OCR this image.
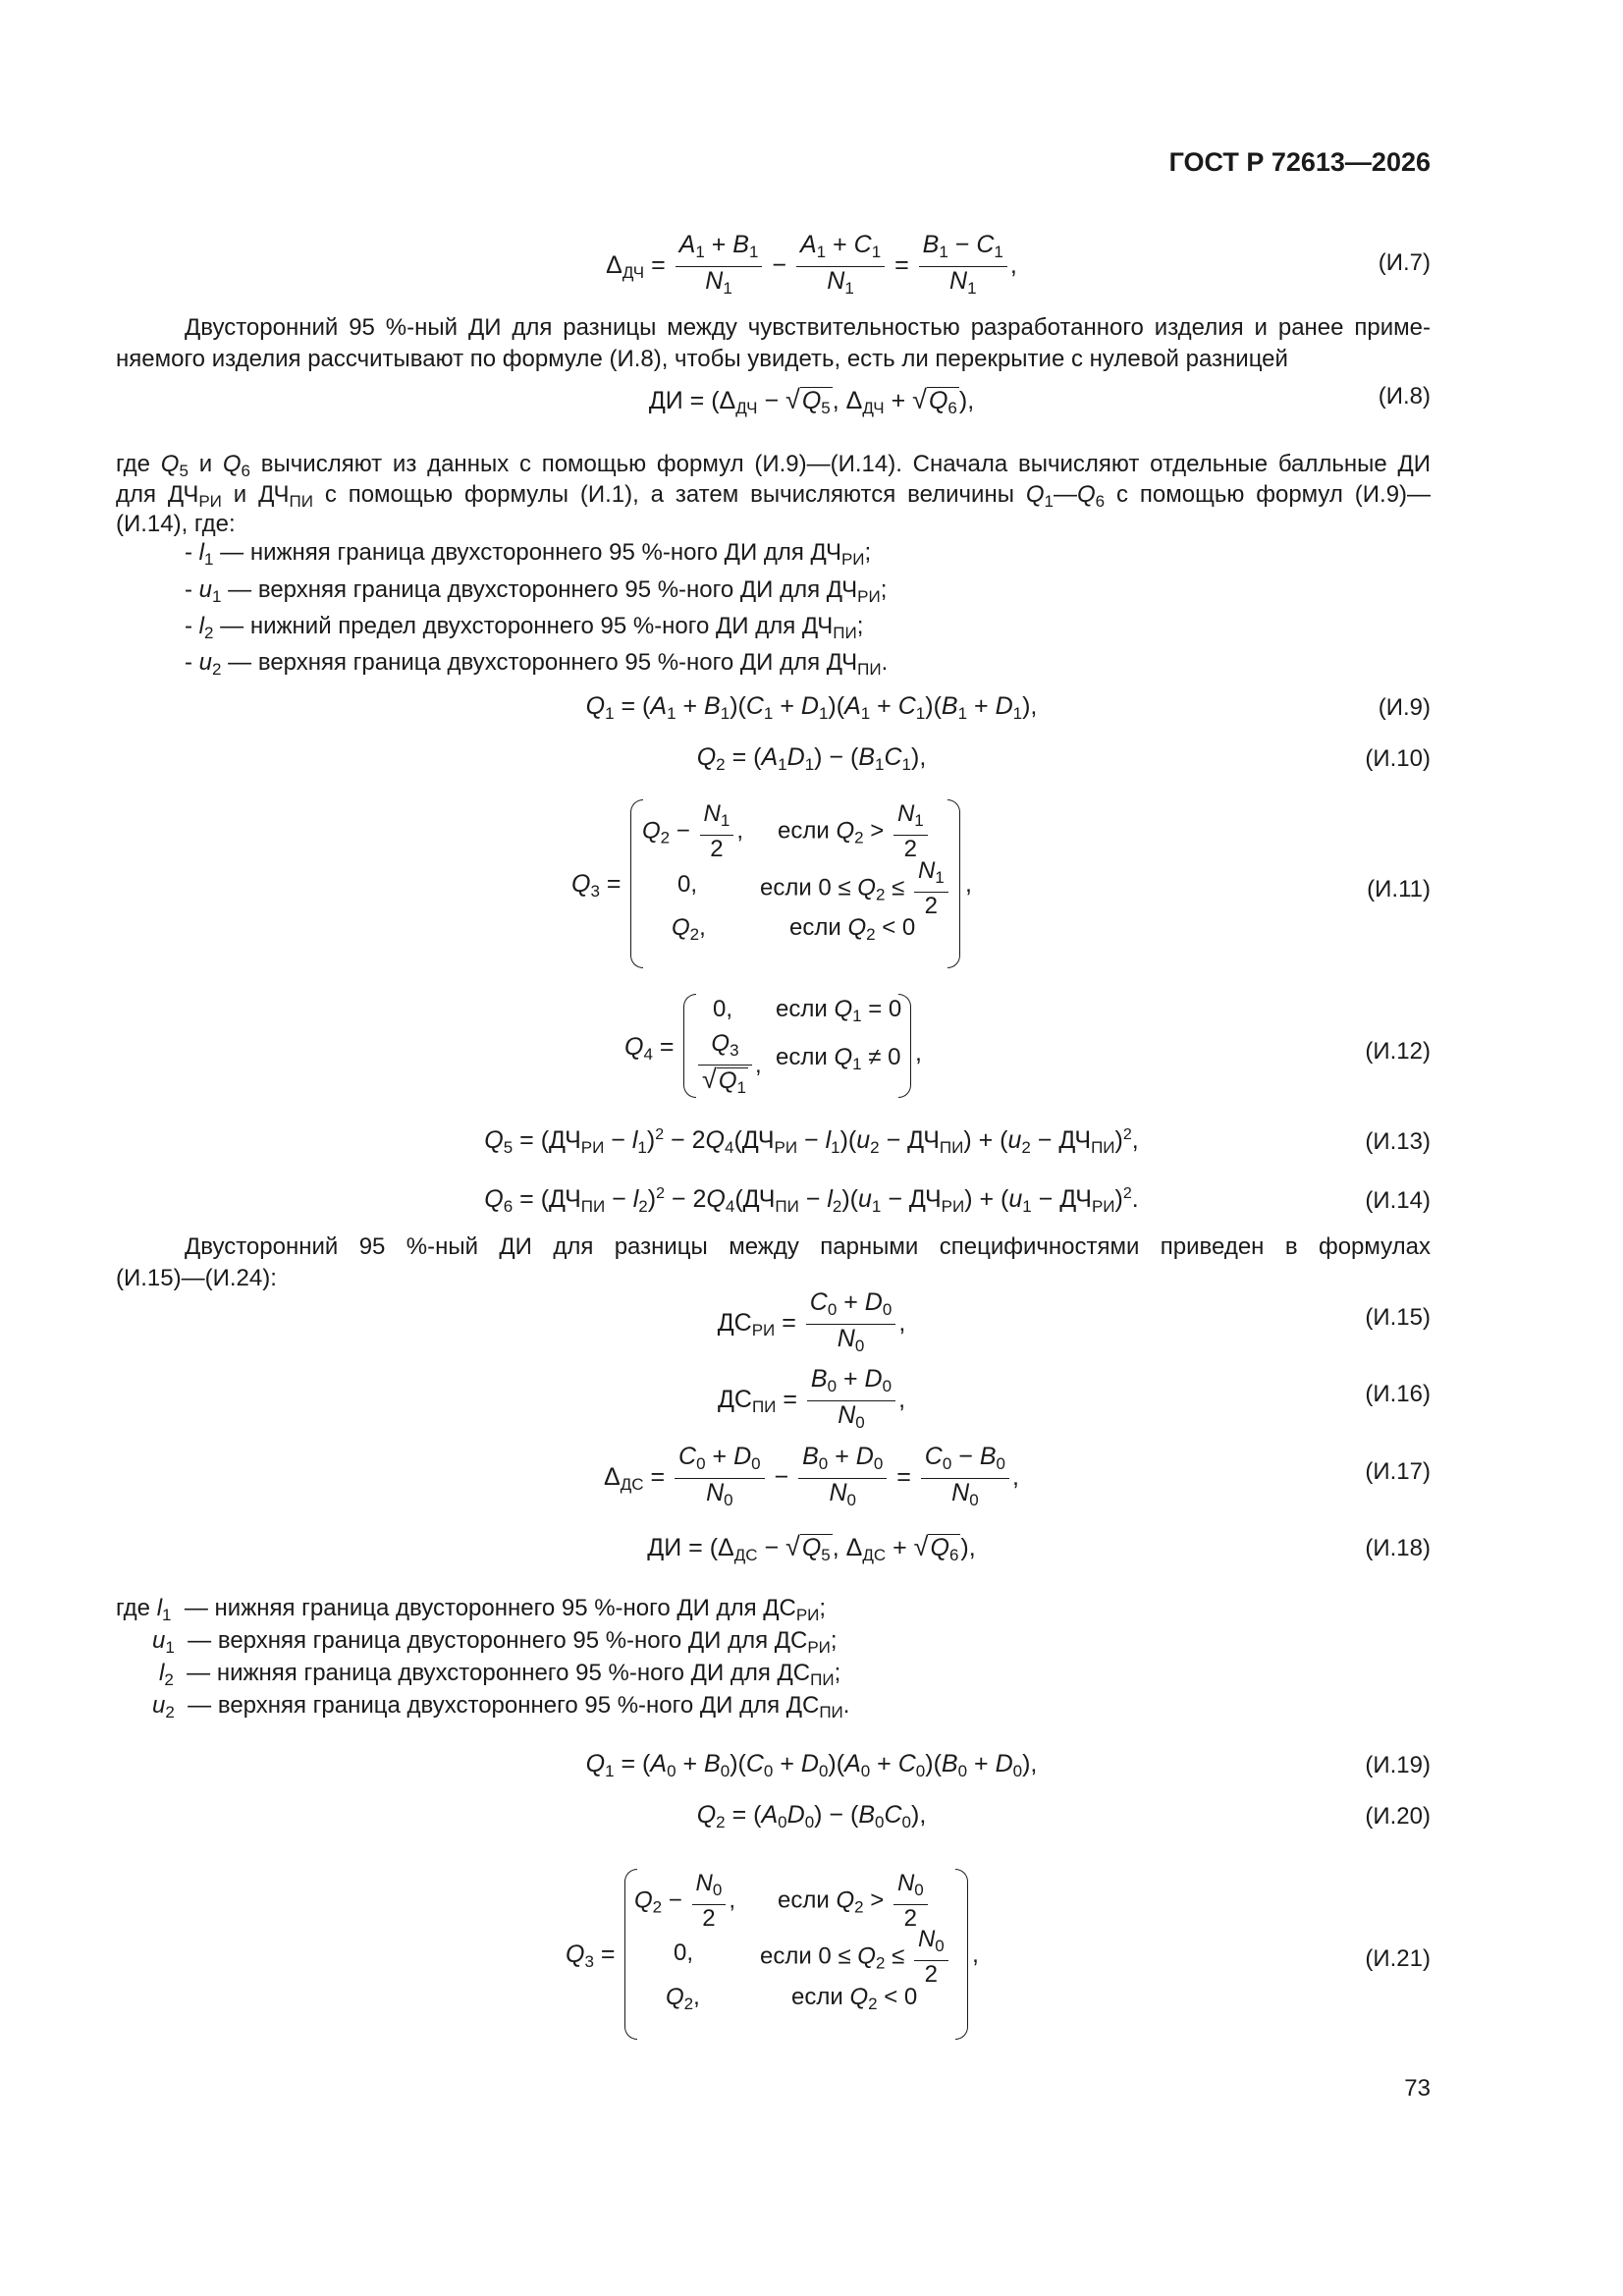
ГОСТ Р 72613—2026
$\Delta_{ДЧ} = \frac{A_1 + B_1}{N_1} - \frac{A_1 + C_1}{N_1} = \frac{B_1 - C_1}{N_1}$ ,	(И.7)
Двусторонний 95 %-ный ДИ для разницы между чувствительностью разработанного изделия и ранее приме-
няемого изделия рассчитывают по формуле (И.8), чтобы увидеть, есть ли перекрытие с нулевой разницей
ДИ = ($\Delta_{ДЧ} - √Q_5$, $\Delta_{ДЧ} + √Q_6$),	(И.8)
где $Q_5$ и $Q_6$ вычисляют из данных с помощью формул (И.9)—(И.14). Сначала вычисляют отдельные балльные ДИ
для $ДЧ_{РИ}$ и $ДЧ_{ПИ}$ с помощью формулы (И.1), а затем вычисляются величины $Q_1—Q_6$ с помощью формул (И.9)—
(И.14), где:
- $l_1$ — нижняя граница двухстороннего 95 %-ного ДИ для $ДЧ_{РИ}$;
- $u_1$ — верхняя граница двухстороннего 95 %-ного ДИ для $ДЧ_{РИ}$;
- $l_2$ — нижний предел двухстороннего 95 %-ного ДИ для $ДЧ_{ПИ}$;
- $u_2$ — верхняя граница двухстороннего 95 %-ного ДИ для $ДЧ_{ПИ}$.
$Q_1 = (A_1 + B_1)(C_1 + D_1)(A_1 + C_1)(B_1 + D_1)$,	(И.9)
$Q_2 = (A_1D_1) - (B_1C_1)$,	(И.10)
$Q_3$ =
$Q_2 - \frac{N_1}{2}$ , если $Q_2 > \frac{N_1}{2}$
0,	если $0 \le Q_2 \le \frac{N_1}{2}$
$Q_2$,	если $Q_2 < 0$
,	(И.11)
$Q_4$ =
0, если $Q_1 = 0$
$\frac{Q_3}{√Q_1}$ , если $Q_1 \ne 0$ ,	(И.12)
$Q_5 = (ДЧ_{РИ} - l_1)^2 - 2Q_4(ДЧ_{РИ} - l_1)(u_2 - ДЧ_{ПИ}) + (u_2 - ДЧ_{ПИ})^2$,	(И.13)
$Q_6 = (ДЧ_{ПИ} - l_2)^2 - 2Q_4(ДЧ_{ПИ} - l_2)(u_1 - ДЧ_{РИ}) + (u_1 - ДЧ_{РИ})^2$.	(И.14)
Двусторонний 95 %-ный ДИ для разницы между парными специфичностями приведен в формулах
(И.15)—(И.24):
$ДС_{РИ} = \frac{C_0 + D_0}{N_0}$ ,	(И.15)
$ДС_{ПИ} = \frac{B_0 + D_0}{N_0}$ ,	(И.16)
$\Delta_{ДС} = \frac{C_0 + D_0}{N_0} - \frac{B_0 + D_0}{N_0} = \frac{C_0 - B_0}{N_0}$ ,	(И.17)
ДИ = ($\Delta_{ДС} - √Q_5$, $\Delta_{ДС} + √Q_6$),	(И.18)
где $l_1$ — нижняя граница двустороннего 95 %-ного ДИ для $ДС_{РИ}$;
$u_1$ — верхняя граница двустороннего 95 %-ного ДИ для $ДС_{РИ}$;
$l_2$ — нижняя граница двухстороннего 95 %-ного ДИ для $ДС_{ПИ}$;
$u_2$ — верхняя граница двухстороннего 95 %-ного ДИ для $ДС_{ПИ}$.
$Q_1 = (A_0 + B_0)(C_0 + D_0)(A_0 + C_0)(B_0 + D_0)$,	(И.19)
$Q_2 = (A_0D_0) - (B_0C_0)$,	(И.20)
$Q_3$ =
$Q_2 - \frac{N_0}{2}$ , если $Q_2 > \frac{N_0}{2}$
0,	если $0 \le Q_2 \le \frac{N_0}{2}$
$Q_2$,	если $Q_2 < 0$
,	(И.21)
73
